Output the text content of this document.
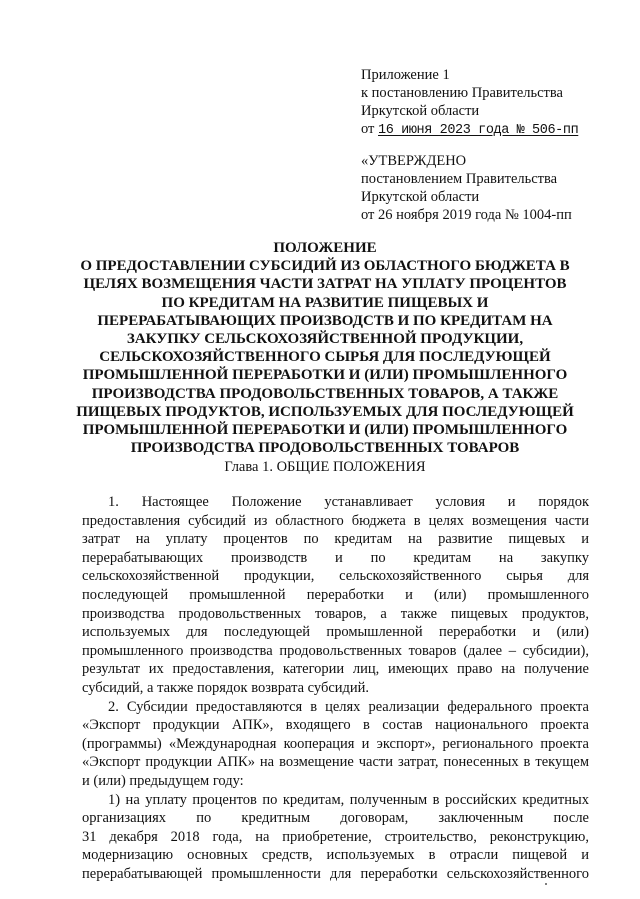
Приложение 1
к постановлению Правительства
Иркутской области
от 16 июня 2023 года № 506-пп
«УТВЕРЖДЕНО
постановлением Правительства
Иркутской области
от 26 ноября 2019 года № 1004-пп
ПОЛОЖЕНИЕ
О ПРЕДОСТАВЛЕНИИ СУБСИДИЙ ИЗ ОБЛАСТНОГО БЮДЖЕТА В
ЦЕЛЯХ ВОЗМЕЩЕНИЯ ЧАСТИ ЗАТРАТ НА УПЛАТУ ПРОЦЕНТОВ
ПО КРЕДИТАМ НА РАЗВИТИЕ ПИЩЕВЫХ И
ПЕРЕРАБАТЫВАЮЩИХ ПРОИЗВОДСТВ И ПО КРЕДИТАМ НА
ЗАКУПКУ СЕЛЬСКОХОЗЯЙСТВЕННОЙ ПРОДУКЦИИ,
СЕЛЬСКОХОЗЯЙСТВЕННОГО СЫРЬЯ ДЛЯ ПОСЛЕДУЮЩЕЙ
ПРОМЫШЛЕННОЙ ПЕРЕРАБОТКИ И (ИЛИ) ПРОМЫШЛЕННОГО
ПРОИЗВОДСТВА ПРОДОВОЛЬСТВЕННЫХ ТОВАРОВ, А ТАКЖЕ
ПИЩЕВЫХ ПРОДУКТОВ, ИСПОЛЬЗУЕМЫХ ДЛЯ ПОСЛЕДУЮЩЕЙ
ПРОМЫШЛЕННОЙ ПЕРЕРАБОТКИ И (ИЛИ) ПРОМЫШЛЕННОГО
ПРОИЗВОДСТВА ПРОДОВОЛЬСТВЕННЫХ ТОВАРОВ
Глава 1. ОБЩИЕ ПОЛОЖЕНИЯ
1. Настоящее Положение устанавливает условия и порядок
предоставления субсидий из областного бюджета в целях возмещения части
затрат на уплату процентов по кредитам на развитие пищевых и
перерабатывающих производств и по кредитам на закупку
сельскохозяйственной продукции, сельскохозяйственного сырья для
последующей промышленной переработки и (или) промышленного
производства продовольственных товаров, а также пищевых продуктов,
используемых для последующей промышленной переработки и (или)
промышленного производства продовольственных товаров (далее – субсидии),
результат их предоставления, категории лиц, имеющих право на получение
субсидий, а также порядок возврата субсидий.
2. Субсидии предоставляются в целях реализации федерального проекта
«Экспорт продукции АПК», входящего в состав национального проекта
(программы) «Международная кооперация и экспорт», регионального проекта
«Экспорт продукции АПК» на возмещение части затрат, понесенных в текущем
и (или) предыдущем году:
1) на уплату процентов по кредитам, полученным в российских кредитных
организациях по кредитным договорам, заключенным после
31 декабря 2018 года, на приобретение, строительство, реконструкцию,
модернизацию основных средств, используемых в отрасли пищевой и
перерабатывающей промышленности для переработки сельскохозяйственного
